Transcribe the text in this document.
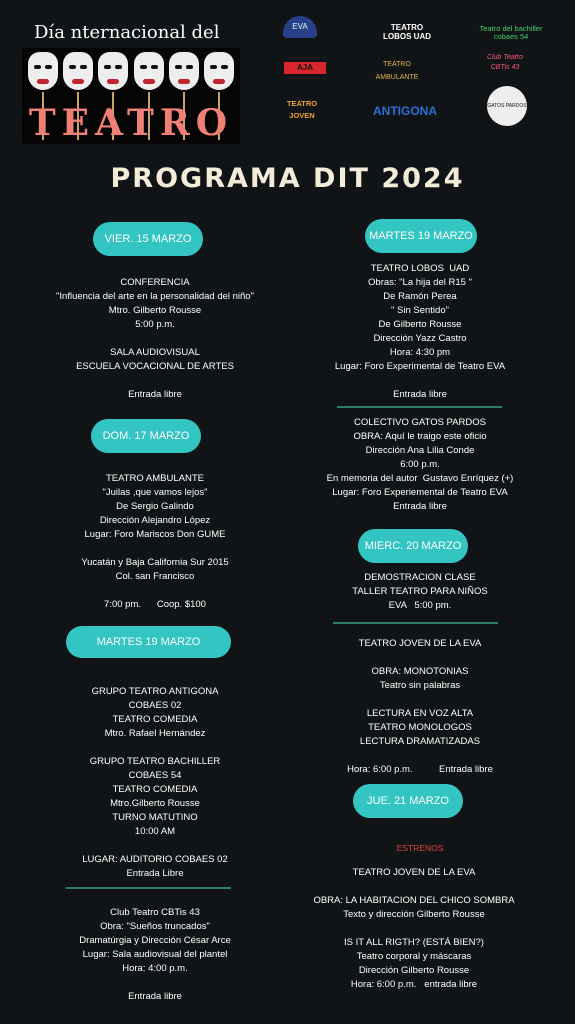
Día nternacional del
TEATRO
EVA	TEATRO
LOBOS UAD
Teatro del bachiller
cobaes 54
AJA	TEATRO
AMBULANTE
Club Teatro
CBTis 43
TEATRO
JOVEN	ANTIGONA	GATOS PARDOS
PROGRAMA DIT 2024
VIER. 15 MARZO
CONFERENCIA
"Influencia del arte en la personalidad del niño"
Mtro. Gilberto Rousse
5:00 p.m.

SALA AUDIOVISUAL
ESCUELA VOCACIONAL DE ARTES

Entrada libre
DOM. 17 MARZO
TEATRO AMBULANTE
"Juilas ,que vamos lejos"
De Sergio Galindo
Dirección Alejandro López
Lugar: Foro Mariscos Don GUME

Yucatán y Baja California Sur 2015
Col. san Francisco

7:00 pm.      Coop. $100
MARTES 19 MARZO
GRUPO TEATRO ANTIGONA
COBAES 02
TEATRO COMEDIA
Mtro. Rafael Hernández

GRUPO TEATRO BACHILLER
COBAES 54
TEATRO COMEDIA
Mtro.Gilberto Rousse
TURNO MATUTINO
10:00 AM

LUGAR: AUDITORIO COBAES 02
Entrada Libre
Club Teatro CBTis 43
Obra: "Sueños truncados"
Dramatúrgia y Dirección César Arce
Lugar: Sala audiovisual del plantel
Hora: 4:00 p.m.

Entrada libre
MARTES 19 MARZO
TEATRO LOBOS  UAD
Obras: "La hija del R15 "
De Ramón Perea
" Sin Sentido"
De Gilberto Rousse
Dirección Yazz Castro
Hora: 4:30 pm
Lugar: Foro Experimental de Teatro EVA

Entrada libre
COLECTIVO GATOS PARDOS
OBRA: Aquí le traigo este oficio
Dirección Ana Lilia Conde
6:00 p.m.
En memoria del autor  Gustavo Enríquez (+)
Lugar: Foro Experiemental de Teatro EVA
Entrada libre
MIERC. 20 MARZO
DEMOSTRACION CLASE
TALLER TEATRO PARA NIÑOS
EVA   5:00 pm.
TEATRO JOVEN DE LA EVA

OBRA: MONOTONIAS
Teatro sin palabras

LECTURA EN VOZ ALTA
TEATRO MONOLOGOS
LECTURA DRAMATIZADAS

Hora: 6:00 p.m.          Entrada libre
JUE. 21 MARZO
ESTRENOS
TEATRO JOVEN DE LA EVA

OBRA: LA HABITACION DEL CHICO SOMBRA
Texto y dirección Gilberto Rousse

IS IT ALL RIGTH? (ESTÁ BIEN?)
Teatro corporal y máscaras
Dirección Gilberto Rousse
Hora: 6:00 p.m.   entrada libre
